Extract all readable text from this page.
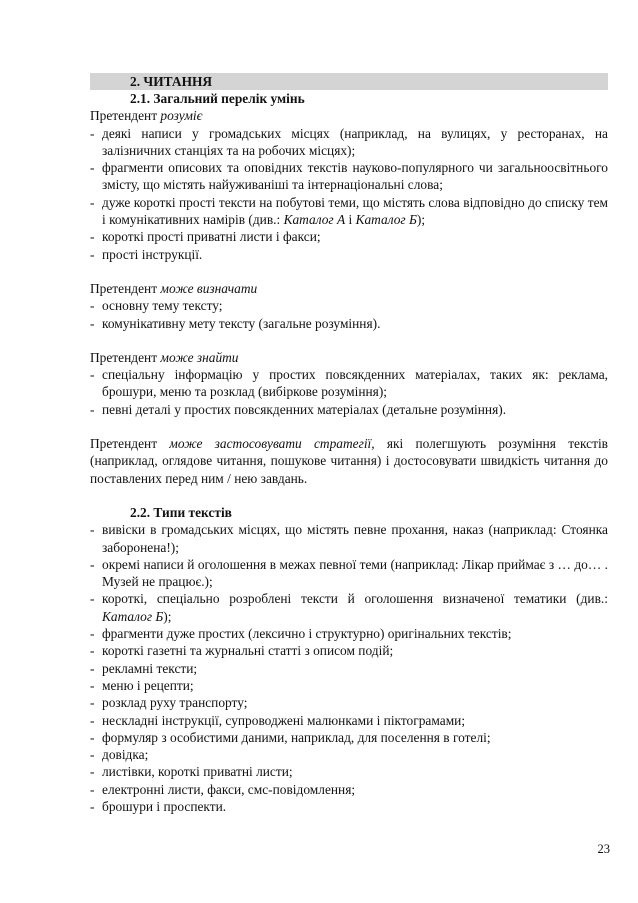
2. ЧИТАННЯ

2.1. Загальний перелік умінь

Претендент розуміє

- деякі написи у громадських місцях (наприклад, на вулицях, у ресторанах, на залізничних станціях та на робочих місцях);
- фрагменти описових та оповідних текстів науково-популярного чи загальноосвітнього змісту, що містять найуживаніші та інтернаціональні слова;
- дуже короткі прості тексти на побутові теми, що містять слова відповідно до списку тем і комунікативних намірів (див.: Каталог А і Каталог Б);
- короткі прості приватні листи і факси;
- прості інструкції.

Претендент може визначати

- основну тему тексту;
- комунікативну мету тексту (загальне розуміння).

Претендент може знайти

- спеціальну інформацію у простих повсякденних матеріалах, таких як: реклама, брошури, меню та розклад (вибіркове розуміння);
- певні деталі у простих повсякденних матеріалах (детальне розуміння).

Претендент може застосовувати стратегії, які полегшують розуміння текстів (наприклад, оглядове читання, пошукове читання) і достосовувати швидкість читання до поставлених перед ним / нею завдань.

2.2. Типи текстів

- вивіски в громадських місцях, що містять певне прохання, наказ (наприклад: Стоянка заборонена!);
- окремі написи й оголошення в межах певної теми (наприклад: Лікар приймає з … до… . Музей не працює.);
- короткі, спеціально розроблені тексти й оголошення визначеної тематики (див.: Каталог Б);
- фрагменти дуже простих (лексично і структурно) оригінальних текстів;
- короткі газетні та журнальні статті з описом подій;
- рекламні тексти;
- меню і рецепти;
- розклад руху транспорту;
- нескладні інструкції, супроводжені малюнками і піктограмами;
- формуляр з особистими даними, наприклад, для поселення в готелі;
- довідка;
- листівки, короткі приватні листи;
- електронні листи, факси, смс-повідомлення;
- брошури і проспекти.
23
